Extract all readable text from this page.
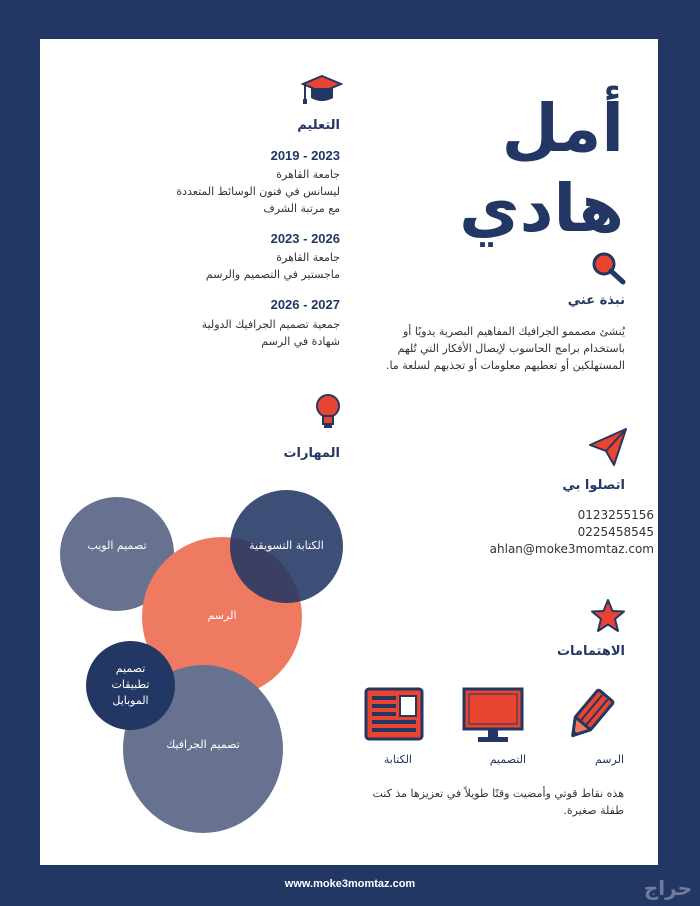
أمل
هادي
نبذة عني
يُنشئ مصممو الجرافيك المفاهيم البصرية يدويًا أو
باستخدام برامج الحاسوب لإيصال الأفكار التي تُلهم
المستهلكين أو تعطيهم معلومات أو تجذبهم لسلعة ما.
التعليم
2019 - 2023
جامعة القاهرة
ليسانس في فنون الوسائط المتعددة
مع مرتبة الشرف
2023 - 2026
جامعة القاهرة
ماجستير في التصميم والرسم
2026 - 2027
جمعية تصميم الجرافيك الدولية
شهادة في الرسم
المهارات
تصميم الويب	الكتابة التسويقية
الرسم
تصميم
تطبيقات
الموبايل
تصميم الجرافيك
اتصلوا بي
0123255156
0225458545
ahlan@moke3momtaz.com
الاهتمامات
الرسم
التصميم
الكتابة
هذه نقاط قوتي وأمضيت وقتًا طويلاً في تعزيزها مذ كنت
طفلة صغيرة.
www.moke3momtaz.com	حراج
